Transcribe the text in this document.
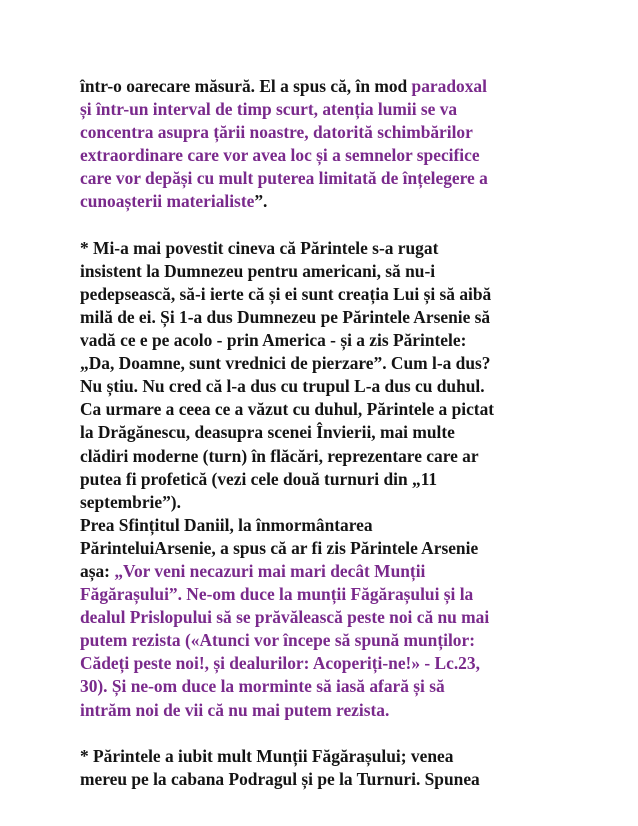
într-o oarecare măsură. El a spus că, în mod paradoxal
și într-un interval de timp scurt, atenția lumii se va
concentra asupra țării noastre, datorită schimbărilor
extraordinare care vor avea loc și a semnelor specifice
care vor depăși cu mult puterea limitată de înțelegere a
cunoașterii materialiste”.
* Mi-a mai povestit cineva că Părintele s-a rugat
insistent la Dumnezeu pentru americani, să nu-i
pedepsească, să-i ierte că și ei sunt creația Lui și să aibă
milă de ei. Și 1-a dus Dumnezeu pe Părintele Arsenie să
vadă ce e pe acolo - prin America - și a zis Părintele:
„Da, Doamne, sunt vrednici de pierzare”. Cum l-a dus?
Nu știu. Nu cred că l-a dus cu trupul L-a dus cu duhul.
Ca urmare a ceea ce a văzut cu duhul, Părintele a pictat
la Drăgănescu, deasupra scenei Învierii, mai multe
clădiri moderne (turn) în flăcări, reprezentare care ar
putea fi profetică (vezi cele două turnuri din „11
septembrie”).
Prea Sfințitul Daniil, la înmormântarea
PărinteluiArsenie, a spus că ar fi zis Părintele Arsenie
așa: „Vor veni necazuri mai mari decât Munții
Făgărașului”. Ne-om duce la munții Făgărașului și la
dealul Prislopului să se prăvălească peste noi că nu mai
putem rezista («Atunci vor începe să spună munților:
Cădeți peste noi!, și dealurilor: Acoperiți-ne!» - Lc.23,
30). Și ne-om duce la morminte să iasă afară și să
intrăm noi de vii că nu mai putem rezista.
* Părintele a iubit mult Munții Făgărașului; venea
mereu pe la cabana Podragul și pe la Turnuri. Spunea
